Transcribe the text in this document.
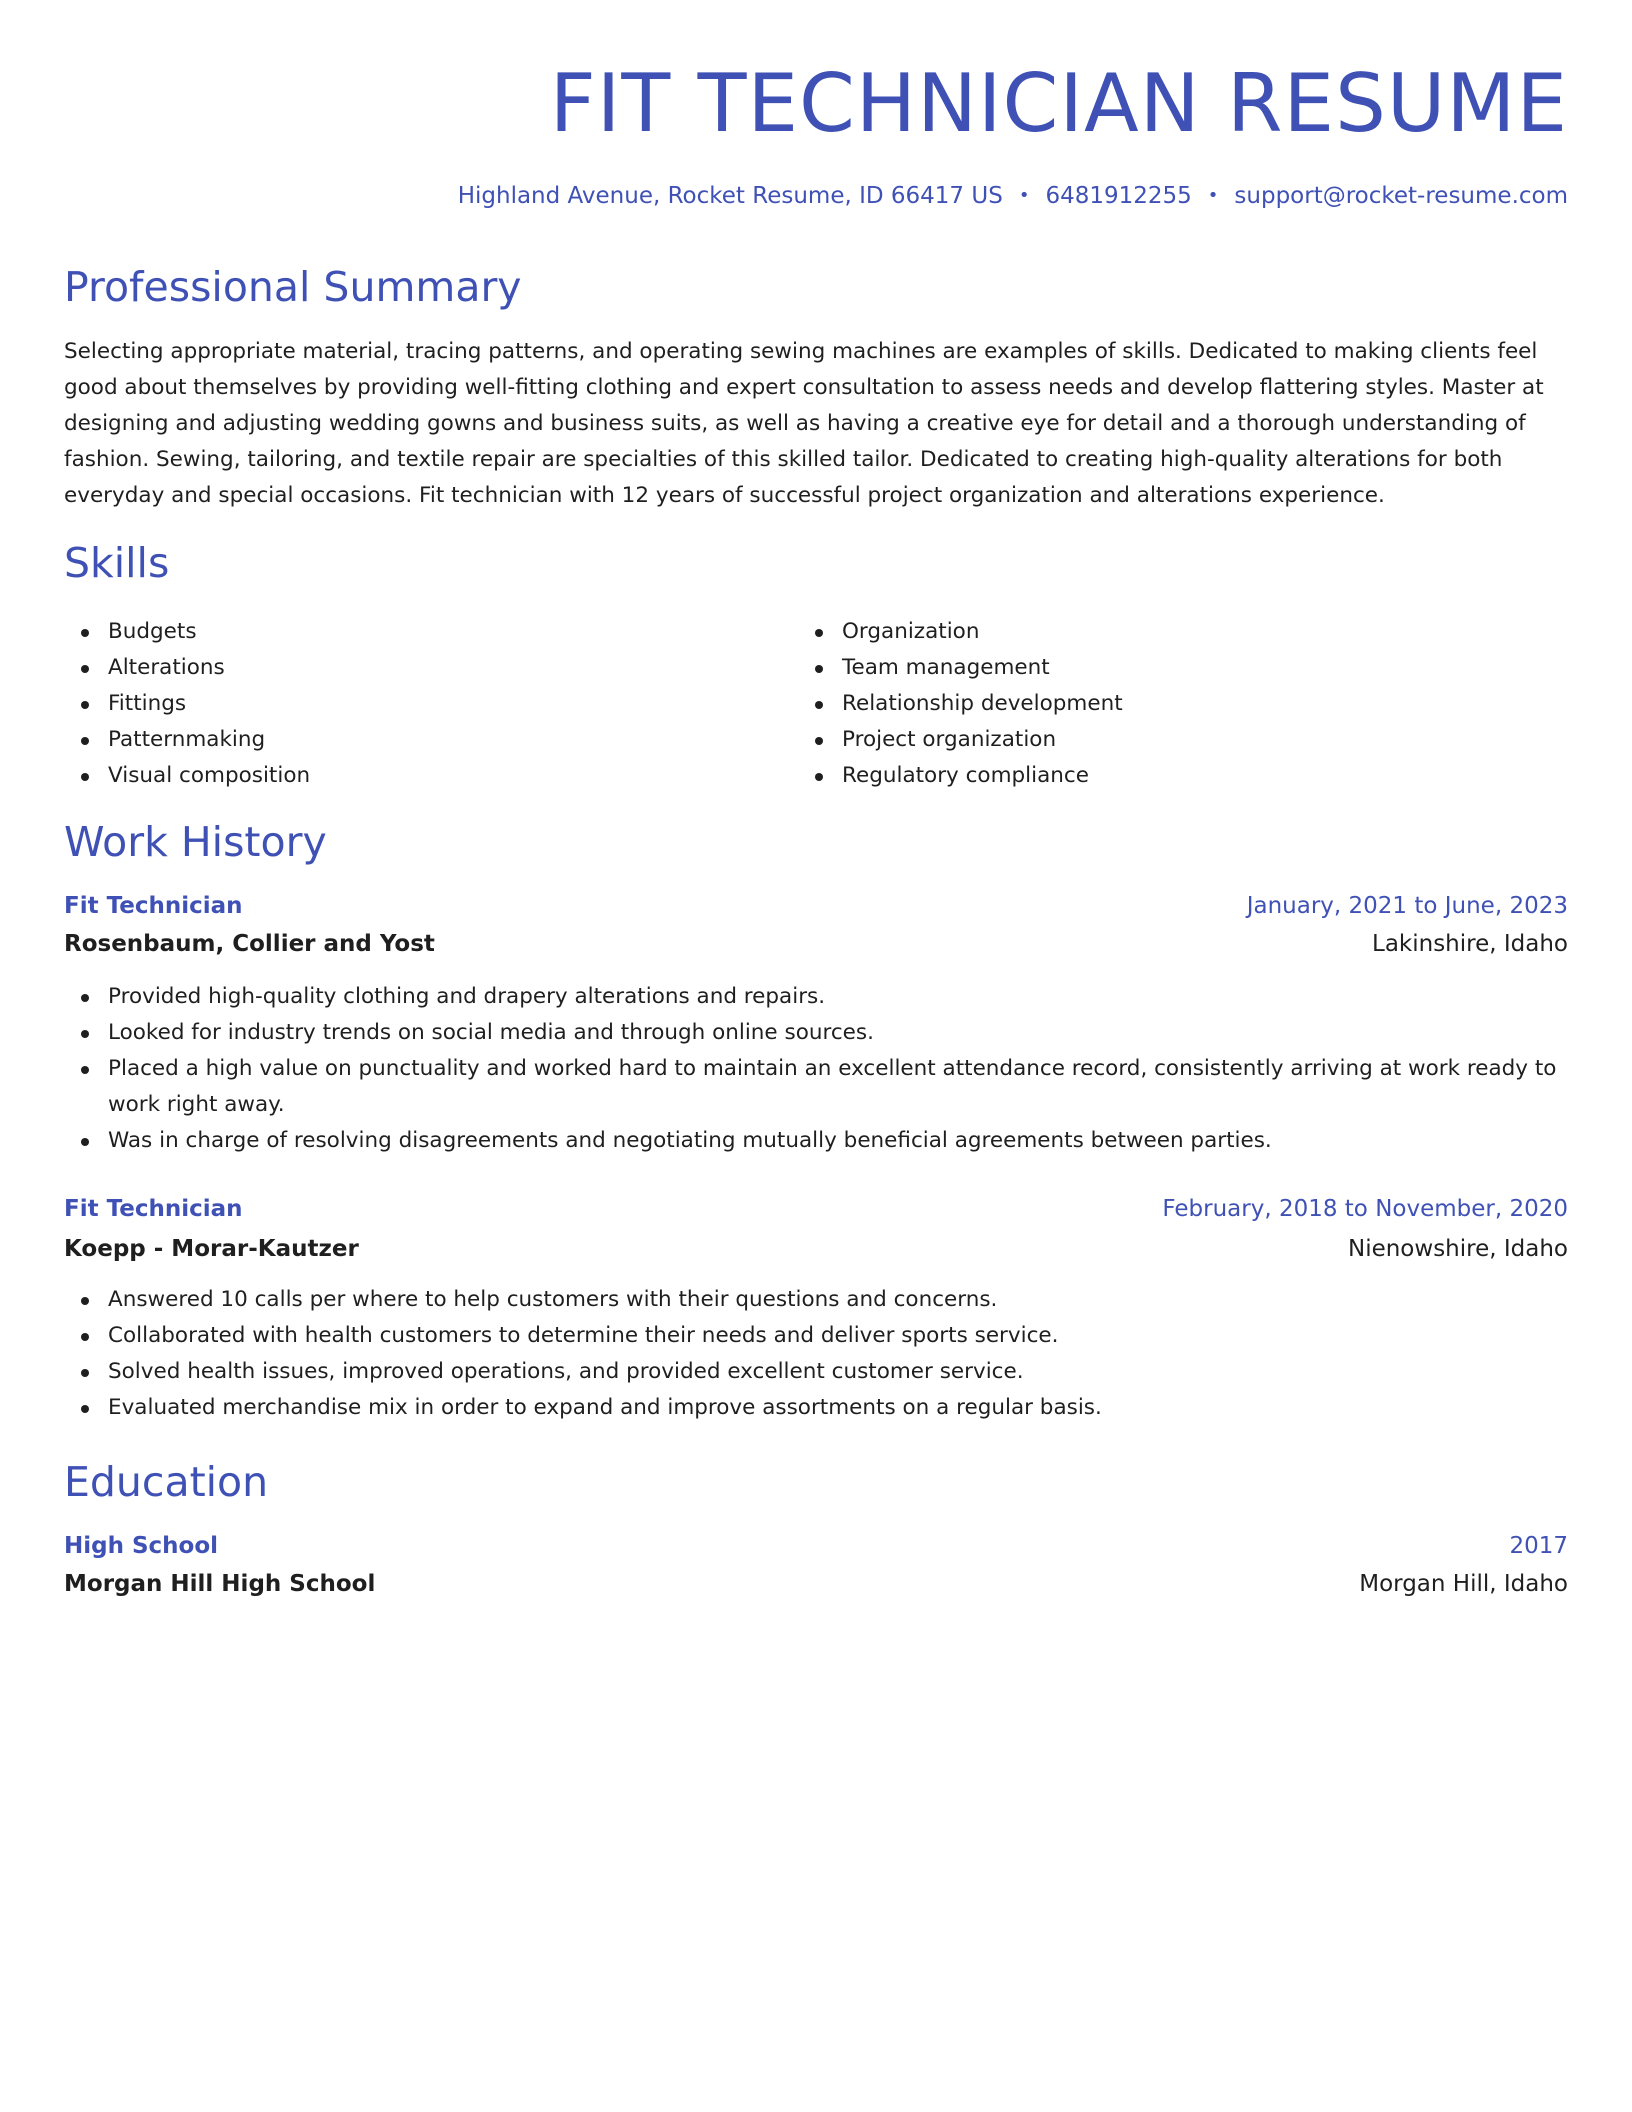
FIT TECHNICIAN RESUME
Highland Avenue, Rocket Resume, ID 66417 US • 6481912255 • support@rocket-resume.com
Professional Summary

Selecting appropriate material, tracing patterns, and operating sewing machines are examples of skills. Dedicated to making clients feel good about themselves by providing well-fitting clothing and expert consultation to assess needs and develop flattering styles. Master at designing and adjusting wedding gowns and business suits, as well as having a creative eye for detail and a thorough understanding of fashion. Sewing, tailoring, and textile repair are specialties of this skilled tailor. Dedicated to creating high-quality alterations for both everyday and special occasions. Fit technician with 12 years of successful project organization and alterations experience.

Skills
Budgets
Alterations
Fittings
Patternmaking
Visual composition
Organization
Team management
Relationship development
Project organization
Regulatory compliance
Work History
Fit Technician	January, 2021 to June, 2023
Rosenbaum, Collier and Yost	Lakinshire, Idaho
Provided high-quality clothing and drapery alterations and repairs.
Looked for industry trends on social media and through online sources.
Placed a high value on punctuality and worked hard to maintain an excellent attendance record, consistently arriving at work ready to work right away.
Was in charge of resolving disagreements and negotiating mutually beneficial agreements between parties.
Fit Technician	February, 2018 to November, 2020
Koepp - Morar-Kautzer	Nienowshire, Idaho
Answered 10 calls per where to help customers with their questions and concerns.
Collaborated with health customers to determine their needs and deliver sports service.
Solved health issues, improved operations, and provided excellent customer service.
Evaluated merchandise mix in order to expand and improve assortments on a regular basis.
Education
High School	2017
Morgan Hill High School	Morgan Hill, Idaho
